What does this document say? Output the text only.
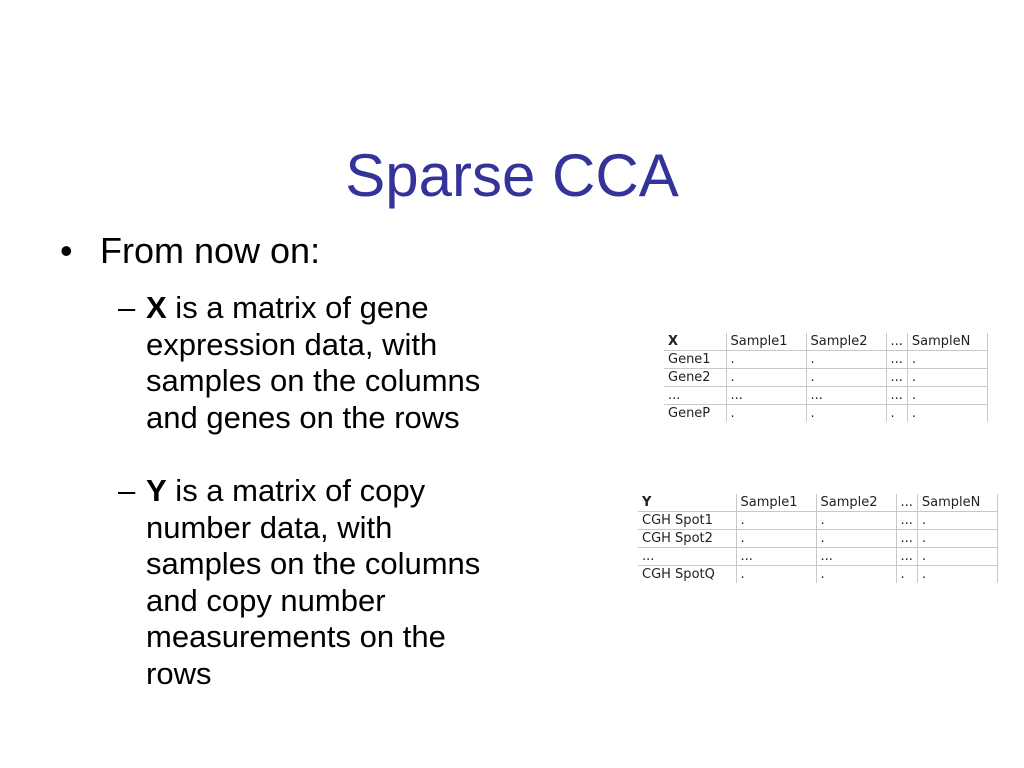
Sparse CCA
• From now on:
– X is a matrix of gene
expression data, with
samples on the columns
and genes on the rows
– Y is a matrix of copy
number data, with
samples on the columns
and copy number
measurements on the
rows
X	Sample1	Sample2	...	SampleN
Gene1	.	.	...	.
Gene2	.	.	...	.
...	...	...	...	.
GeneP	.	.	.	.
Y	Sample1	Sample2	...	SampleN
CGH Spot1	.	.	...	.
CGH Spot2	.	.	...	.
...	...	...	...	.
CGH SpotQ	.	.	.	.
